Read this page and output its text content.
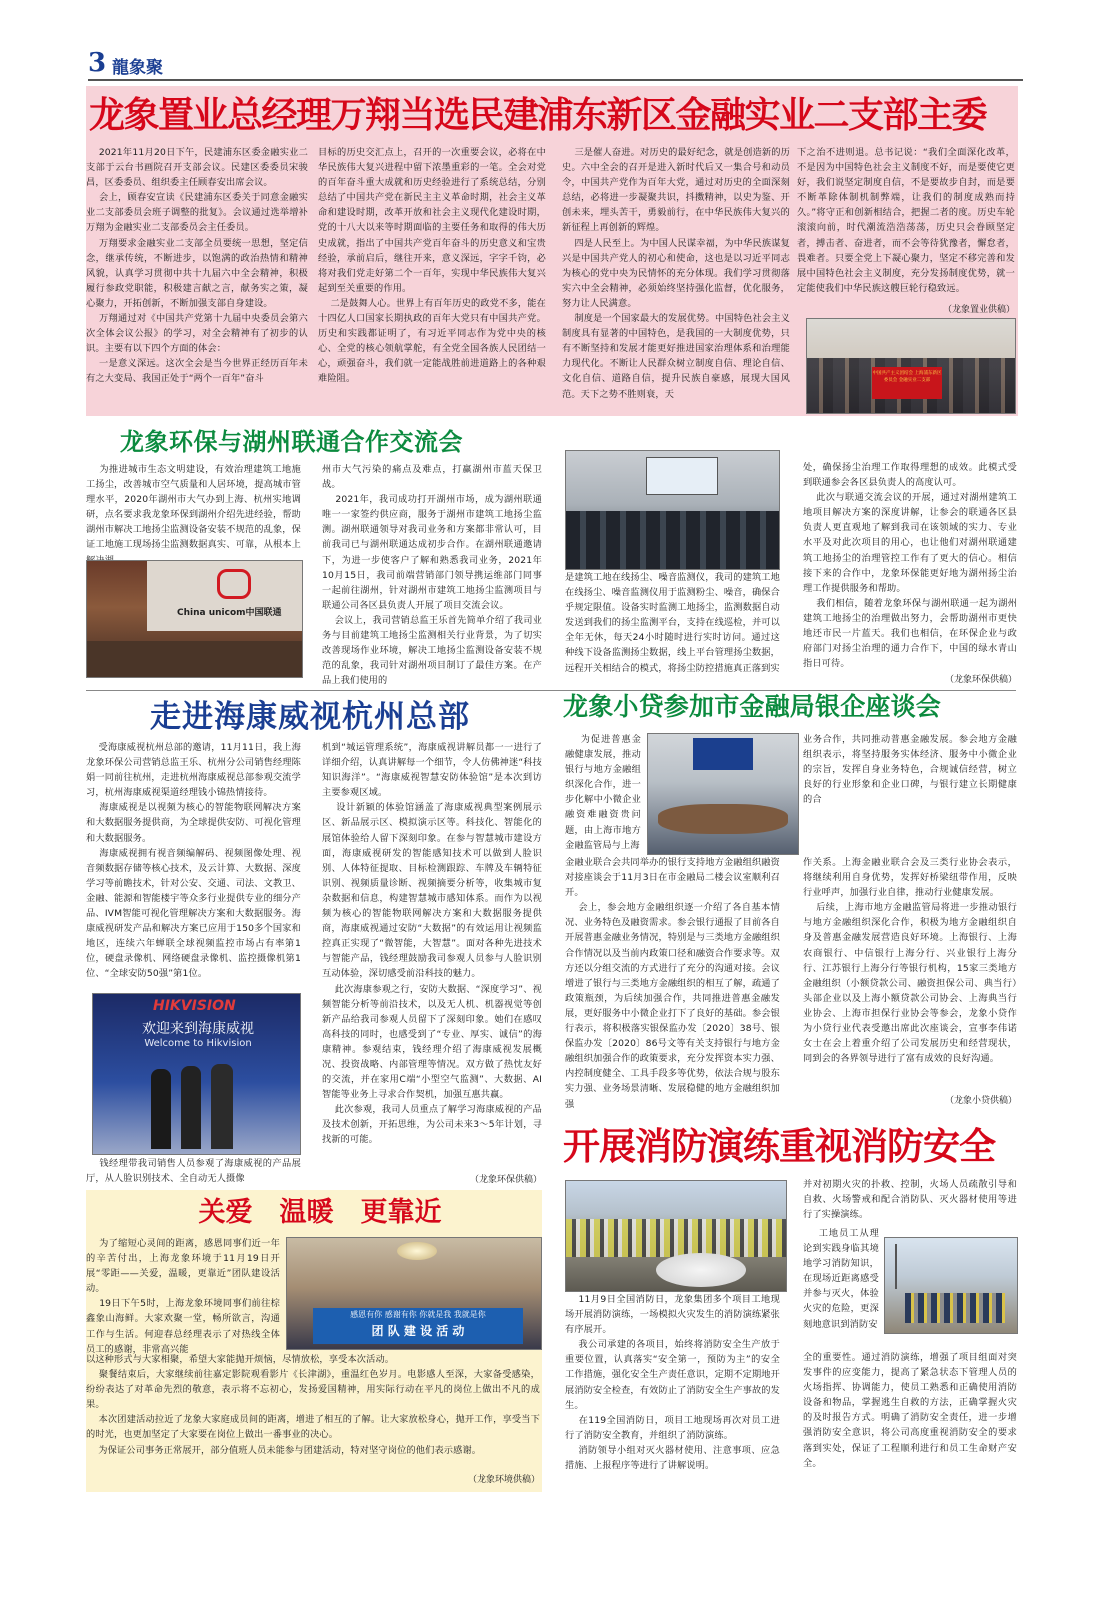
3 龍象聚
龙象置业总经理万翔当选民建浦东新区金融实业二支部主委
2021年11月20日下午，民建浦东区委金融实业二支部于云台书画院召开支部会议。民建区委委员宋骏昌，区委委员、组织委主任顾春安出席会议。
会上，顾春安宣读《民建浦东区委关于同意金融实业二支部委员会班子调整的批复》。会议通过选举增补万翔为金融实业二支部委员会主任委员。
万翔要求金融实业二支部全员要统一思想，坚定信念，继承传统，不断进步，以饱满的政治热情和精神风貌，认真学习贯彻中共十九届六中全会精神，积极履行参政党职能，积极建言献之言，献务实之策，凝心聚力，开拓创新，不断加强支部自身建设。
万翔通过对《中国共产党第十九届中央委员会第六次全体会议公报》的学习，对全会精神有了初步的认识。主要有以下四个方面的体会：
一是意义深远。这次全会是当今世界正经历百年未有之大变局、我国正处于“两个一百年”奋斗
目标的历史交汇点上，召开的一次重要会议，必将在中华民族伟大复兴进程中留下浓墨重彩的一笔。全会对党的百年奋斗重大成就和历史经验进行了系统总结，分别总结了中国共产党在新民主主义革命时期，社会主义革命和建设时期，改革开放和社会主义现代化建设时期，党的十八大以来等时期面临的主要任务和取得的伟大历史成就，指出了中国共产党百年奋斗的历史意义和宝贵经验，承前启后，继往开来，意义深远，字字千钧，必将对我们党走好第二个一百年，实现中华民族伟大复兴起到至关重要的作用。
二是鼓舞人心。世界上有百年历史的政党不多，能在十四亿人口国家长期执政的百年大党只有中国共产党。历史和实践都证明了，有习近平同志作为党中央的核心、全党的核心领航掌舵，有全党全国各族人民团结一心，顽强奋斗，我们就一定能战胜前进道路上的各种艰难险阻。
三是催人奋进。对历史的最好纪念，就是创造新的历史。六中全会的召开是进入新时代后又一集合号和动员令，中国共产党作为百年大党，通过对历史的全面深刻总结，必将进一步凝聚共识，抖擞精神，以史为鉴、开创未来，埋头苦干，勇毅前行，在中华民族伟大复兴的新征程上再创新的辉煌。
四是人民至上。为中国人民谋幸福，为中华民族谋复兴是中国共产党人的初心和使命，这也是以习近平同志为核心的党中央为民情怀的充分体现。我们学习贯彻落实六中全会精神，必须始终坚持强化监督，优化服务，努力让人民满意。
制度是一个国家最大的发展优势。中国特色社会主义制度具有显著的中国特色，是我国的一大制度优势，只有不断坚持和发展才能更好推进国家治理体系和治理能力现代化。不断让人民群众树立制度自信、理论自信、文化自信、道路自信，提升民族自豪感，展现大国风范。天下之势不胜则衰，天
下之治不进则退。总书记说：“我们全面深化改革，不是因为中国特色社会主义制度不好，而是要使它更好，我们说坚定制度自信，不是要故步自封，而是要不断革除体制机制弊端，让我们的制度成熟而持久。”将守正和创新相结合，把握二者的度。历史车轮滚滚向前，时代潮流浩浩荡荡，历史只会眷顾坚定者，搏击者、奋进者，而不会等待犹豫者，懈怠者，畏难者。只要全党上下凝心聚力，坚定不移完善和发展中国特色社会主义制度，充分发扬制度优势，就一定能使我们中华民族这艘巨轮行稳致远。
（龙象置业供稿）
中国共产主义团结会 上海浦东新区委员会 金融实业二支部
龙象环保与湖州联通合作交流会
为推进城市生态文明建设，有效治理建筑工地施工扬尘，改善城市空气质量和人居环境，提高城市管理水平，2020年湖州市大气办到上海、杭州实地调研，点名要求我龙象环保到湖州介绍先进经验，帮助湖州市解决工地扬尘监测设备安装不规范的乱象，保证工地施工现场扬尘监测数据真实、可靠，从根本上
China unicom中国联通
州市大气污染的痛点及难点，打赢湖州市蓝天保卫战。
2021年，我司成功打开湖州市场，成为湖州联通唯一一家签约供应商，服务于湖州市建筑工地扬尘监测。湖州联通领导对我司业务和方案都非常认可，目前我司已与湖州联通达成初步合作。在湖州联通邀请下，为进一步使客户了解和熟悉我司业务，2021年10月15日，我司前端营销部门领导携运维部门同事一起前往湖州，针对湖州市建筑工地扬尘监测项目与联通公司各区县负责人开展了项目交流会议。
会议上，我司营销总监王乐首先简单介绍了我司业务与目前建筑工地扬尘监测相关行业背景，为了切实改善现场作业环境，解决工地扬尘监测设备安装不规范的乱象，我司针对湖州项目制订了最佳方案。在产品上我们使用的
是建筑工地在线扬尘、噪音监测仪，我司的建筑工地在线扬尘、噪音监测仪用于监测粉尘、噪音，确保合乎规定限值。设备实时监测工地扬尘，监测数据自动发送到我们的扬尘监测平台，支持在线巡检，并可以全年无休，每天24小时随时进行实时访问。通过这种线下设备监测扬尘数据，线上平台管理扬尘数据，远程开关相结合的模式，将扬尘防控措施真正落到实
处，确保扬尘治理工作取得理想的成效。此模式受到联通参会各区县负责人的高度认可。
此次与联通交流会议的开展，通过对湖州建筑工地项目解决方案的深度讲解，让参会的联通各区县负责人更直观地了解到我司在该领域的实力、专业水平及对此次项目的用心，也让他们对湖州联通建筑工地扬尘的治理管控工作有了更大的信心。相信接下来的合作中，龙象环保能更好地为湖州扬尘治理工作提供服务和帮助。
我们相信，随着龙象环保与湖州联通一起为湖州建筑工地扬尘的治理做出努力，会帮助湖州市更快地还市民一片蓝天。我们也相信，在环保企业与政府部门对扬尘治理的通力合作下，中国的绿水青山指日可待。
（龙象环保供稿）
走进海康威视杭州总部
受海康威视杭州总部的邀请，11月11日，我上海龙象环保公司营销总监王乐、杭州分公司销售经理陈娟一同前往杭州，走进杭州海康威视总部参观交流学习，杭州海康威视渠道经理钱小锦热情接待。
海康威视是以视频为核心的智能物联网解决方案和大数据服务提供商，为全球提供安防、可视化管理和大数据服务。
海康威视拥有视音频编解码、视频图像处理、视音频数据存储等核心技术，及云计算、大数据、深度学习等前瞻技术，针对公安、交通、司法、文教卫、金融、能源和智能楼宇等众多行业提供专业的细分产品、IVM智能可视化管理解决方案和大数据服务。海康威视研发产品和解决方案已应用于150多个国家和地区，连续六年蝉联全球视频监控市场占有率第1位，硬盘录像机、网络硬盘录像机、监控摄像机第1位、“全球安防50强”第1位。
HIKVISION
欢迎来到海康威视
Welcome to Hikvision
钱经理带我司销售人员参观了海康威视的产品展厅，从人脸识别技术、全自动无人摄像
机到“城运管理系统”，海康威视讲解员都一一进行了详细介绍，认真讲解每一个细节，令人仿佛神迷“科技知识海洋”。“海康威视智慧安防体验馆”是本次到访主要参观区域。
设计新颖的体验馆涵盖了海康威视典型案例展示区、新品展示区、模拟演示区等。科技化、智能化的展馆体验给人留下深刻印象。在参与智慧城市建设方面，海康威视研发的智能感知技术可以做到人脸识别、人体特征提取、目标检测跟踪、车牌及车辆特征识别、视频质量诊断、视频摘要分析等，收集城市复杂数据和信息，构建智慧城市感知体系。而作为以视频为核心的智能物联网解决方案和大数据服务提供商，海康威视通过安防“大数据”的有效运用让视频监控真正实现了“微智能，大智慧”。面对各种先进技术与智能产品，钱经理鼓励我司参观人员参与人脸识别互动体验，深切感受前沿科技的魅力。
此次海康参观之行，安防大数据、“深度学习”、视频智能分析等前沿技术，以及无人机、机器视觉等创新产品给我司参观人员留下了深刻印象。她们在感叹高科技的同时，也感受到了“专业、厚实、诚信”的海康精神。参观结束，钱经理介绍了海康威视发展概况、投资战略、内部管理等情况。双方做了热忱友好的交流，并在家用C端“小型空气监测”、大数据、AI智能等业务上寻求合作契机，加强互惠共赢。
此次参观，我司人员重点了解学习海康威视的产品及技术创新，开拓思维，为公司未来3～5年计划，寻找新的可能。
（龙象环保供稿）
龙象小贷参加市金融局银企座谈会
为促进普惠金融健康发展，推动银行与地方金融组织深化合作，进一步化解中小微企业融资难融资贵问题，由上海市地方金融监管局与上海
业务合作，共同推动普惠金融发展。参会地方金融组织表示，将坚持服务实体经济、服务中小微企业的宗旨，发挥自身业务特色，合规诚信经营，树立良好的行业形象和企业口碑，与银行建立长期健康的合
金融业联合会共同举办的银行支持地方金融组织融资对接座谈会于11月3日在市金融局二楼会议室顺利召开。
会上，参会地方金融组织逐一介绍了各自基本情况、业务特色及融资需求。参会银行通报了目前各自开展普惠金融业务情况，特别是与三类地方金融组织合作情况以及当前内政策口径和融资合作要求等。双方还以分组交流的方式进行了充分的沟通对接。会议增进了银行与三类地方金融组织的相互了解，疏通了政策瓶颈，为后续加强合作，共同推进普惠金融发展，更好服务中小微企业打下了良好的基础。参会银行表示，将积极落实银保监办发〔2020〕38号、银保监办发〔2020〕86号文等有关支持银行与地方金融组织加强合作的政策要求，充分发挥资本实力强、内控制度健全、工具手段多等优势，依法合规与股东实力强、业务场景清晰、发展稳健的地方金融组织加强
作关系。上海金融业联合会及三类行业协会表示，将继续利用自身优势，发挥好桥梁纽带作用，反映行业呼声，加强行业自律，推动行业健康发展。
后续，上海市地方金融监管局将进一步推动银行与地方金融组织深化合作，积极为地方金融组织自身及普惠金融发展营造良好环境。上海银行、上海农商银行、中信银行上海分行、兴业银行上海分行、江苏银行上海分行等银行机构，15家三类地方金融组织（小额贷款公司、融资担保公司、典当行）头部企业以及上海小额贷款公司协会、上海典当行业协会、上海市担保行业协会等参会，龙象小贷作为小贷行业代表受邀出席此次座谈会，宣事李伟诺女士在会上着重介绍了公司发展历史和经营现状，同到会的各界领导进行了富有成效的良好沟通。
（龙象小贷供稿）
关爱　温暖　更靠近
为了缩短心灵间的距离，感恩同事们近一年的辛苦付出，上海龙象环境于11月19日开展“零距——关爱，温暖，更靠近”团队建设活动。
19日下午5时，上海龙象环境同事们前往棕鑫象山海鲜。大家欢聚一堂，畅所欲言，沟通工作与生活。何迎春总经理表示了对热线全体员工的感谢，非常高兴能
感恩有你 感谢有你 你就是我 我就是你
团 队 建 设 活 动
以这种形式与大家相聚，希望大家能抛开烦恼，尽情放松，享受本次活动。
聚餐结束后，大家继续前往嘉定影院观看影片《长津湖》，重温红色岁月。电影感人至深，大家备受感染，纷纷表达了对革命先烈的敬意，表示将不忘初心，发扬爱国精神，用实际行动在平凡的岗位上做出不凡的成果。
本次团建活动拉近了龙象大家庭成员间的距离，增进了相互的了解。让大家放松身心，抛开工作，享受当下的时光，也更加坚定了大家要在岗位上做出一番事业的决心。
为保证公司事务正常展开，部分值班人员未能参与团建活动，特对坚守岗位的他们表示感谢。
（龙象环境供稿）
开展消防演练重视消防安全
并对初期火灾的扑救、控制，火场人员疏散引导和自救、火场警戒和配合消防队、灭火器材使用等进行了实操演练。
工地员工从理论到实践身临其境地学习消防知识，在现场近距离感受并参与灭火，体验火灾的危险，更深刻地意识到消防安
全的重要性。通过消防演练，增强了项目组面对突发事件的应变能力，提高了紧急状态下管理人员的火场指挥、协调能力，使员工熟悉和正确使用消防设备和物品，掌握逃生自救的方法，正确掌握火灾的及时报告方式。明确了消防安全责任，进一步增强消防安全意识，将公司高度重视消防安全的要求落到实处，保证了工程顺利进行和员工生命财产安全。
11月9日全国消防日，龙象集团多个项目工地现场开展消防演练，一场模拟火灾发生的消防演练紧张有序展开。
我公司承建的各项目，始终将消防安全生产放于重要位置，认真落实“安全第一，预防为主”的安全工作措施，强化安全生产责任意识，定期不定期地开展消防安全检查，有效防止了消防安全生产事故的发生。
在119全国消防日，项目工地现场再次对员工进行了消防安全教育，并组织了消防演练。
消防领导小组对灭火器材使用、注意事项、应急措施、上报程序等进行了讲解说明。
